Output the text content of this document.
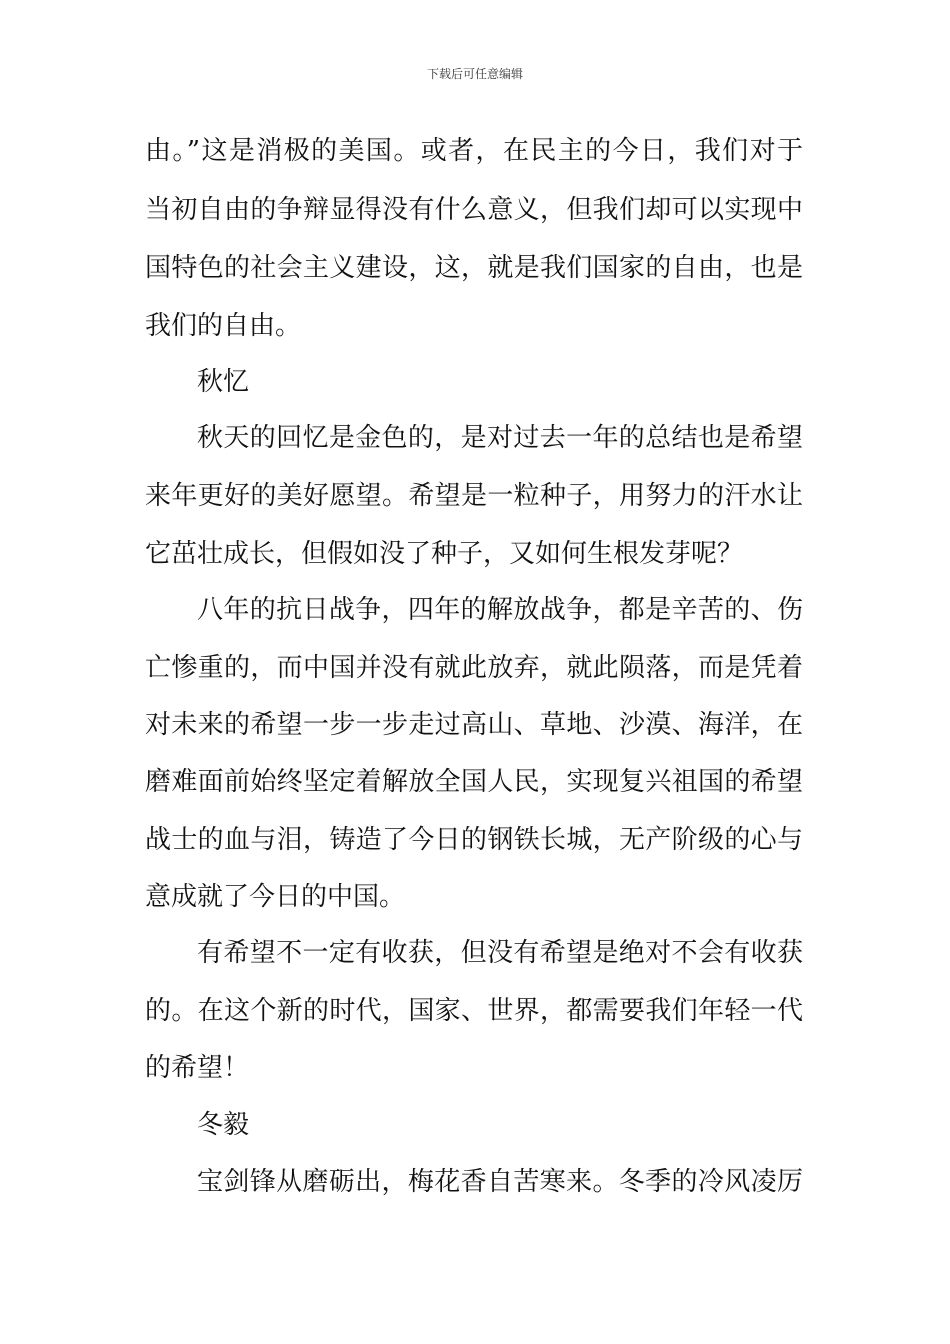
下载后可任意编辑
由。”这是消极的美国。或者，在民主的今日，我们对于
当初自由的争辩显得没有什么意义，但我们却可以实现中
国特色的社会主义建设，这，就是我们国家的自由，也是
我们的自由。
秋忆
秋天的回忆是金色的，是对过去一年的总结也是希望
来年更好的美好愿望。希望是一粒种子，用努力的汗水让
它茁壮成长，但假如没了种子，又如何生根发芽呢？
八年的抗日战争，四年的解放战争，都是辛苦的、伤
亡惨重的，而中国并没有就此放弃，就此陨落，而是凭着
对未来的希望一步一步走过高山、草地、沙漠、海洋，在
磨难面前始终坚定着解放全国人民，实现复兴祖国的希望
战士的血与泪，铸造了今日的钢铁长城，无产阶级的心与
意成就了今日的中国。
有希望不一定有收获，但没有希望是绝对不会有收获
的。在这个新的时代，国家、世界，都需要我们年轻一代
的希望！
冬毅
宝剑锋从磨砺出，梅花香自苦寒来。冬季的冷风凌厉
